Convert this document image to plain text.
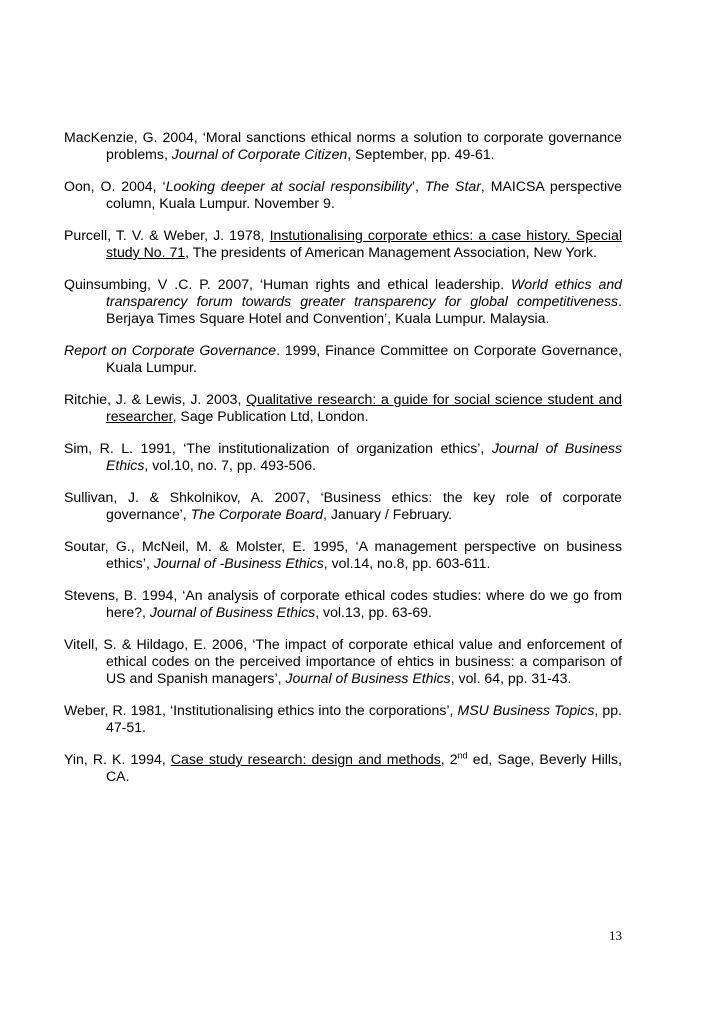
MacKenzie, G. 2004, ‘Moral sanctions ethical norms a solution to corporate governance problems, Journal of Corporate Citizen, September, pp. 49-61.

Oon, O. 2004, ‘Looking deeper at social responsibility’, The Star, MAICSA perspective column, Kuala Lumpur. November 9.

Purcell, T. V. & Weber, J. 1978, Instutionalising corporate ethics: a case history. Special study No. 71, The presidents of American Management Association, New York.

Quinsumbing, V .C. P. 2007, ‘Human rights and ethical leadership. World ethics and transparency forum towards greater transparency for global competitiveness. Berjaya Times Square Hotel and Convention’, Kuala Lumpur. Malaysia.

Report on Corporate Governance. 1999, Finance Committee on Corporate Governance, Kuala Lumpur.

Ritchie, J. & Lewis, J. 2003, Qualitative research: a guide for social science student and researcher, Sage Publication Ltd, London.

Sim, R. L. 1991, ‘The institutionalization of organization ethics’, Journal of Business Ethics, vol.10, no. 7, pp. 493-506.

Sullivan, J. & Shkolnikov, A. 2007, ‘Business ethics: the key role of corporate governance’, The Corporate Board, January / February.

Soutar, G., McNeil, M. & Molster, E. 1995, ‘A management perspective on business ethics’, Journal of -Business Ethics, vol.14, no.8, pp. 603-611.

Stevens, B. 1994, ‘An analysis of corporate ethical codes studies: where do we go from here?, Journal of Business Ethics, vol.13, pp. 63-69.

Vitell, S. & Hildago, E. 2006, ‘The impact of corporate ethical value and enforcement of ethical codes on the perceived importance of ehtics in business: a comparison of US and Spanish managers’, Journal of Business Ethics, vol. 64, pp. 31-43.

Weber, R. 1981, ‘Institutionalising ethics into the corporations’, MSU Business Topics, pp. 47-51.

Yin, R. K. 1994, Case study research: design and methods, 2nd ed, Sage, Beverly Hills, CA.

13
